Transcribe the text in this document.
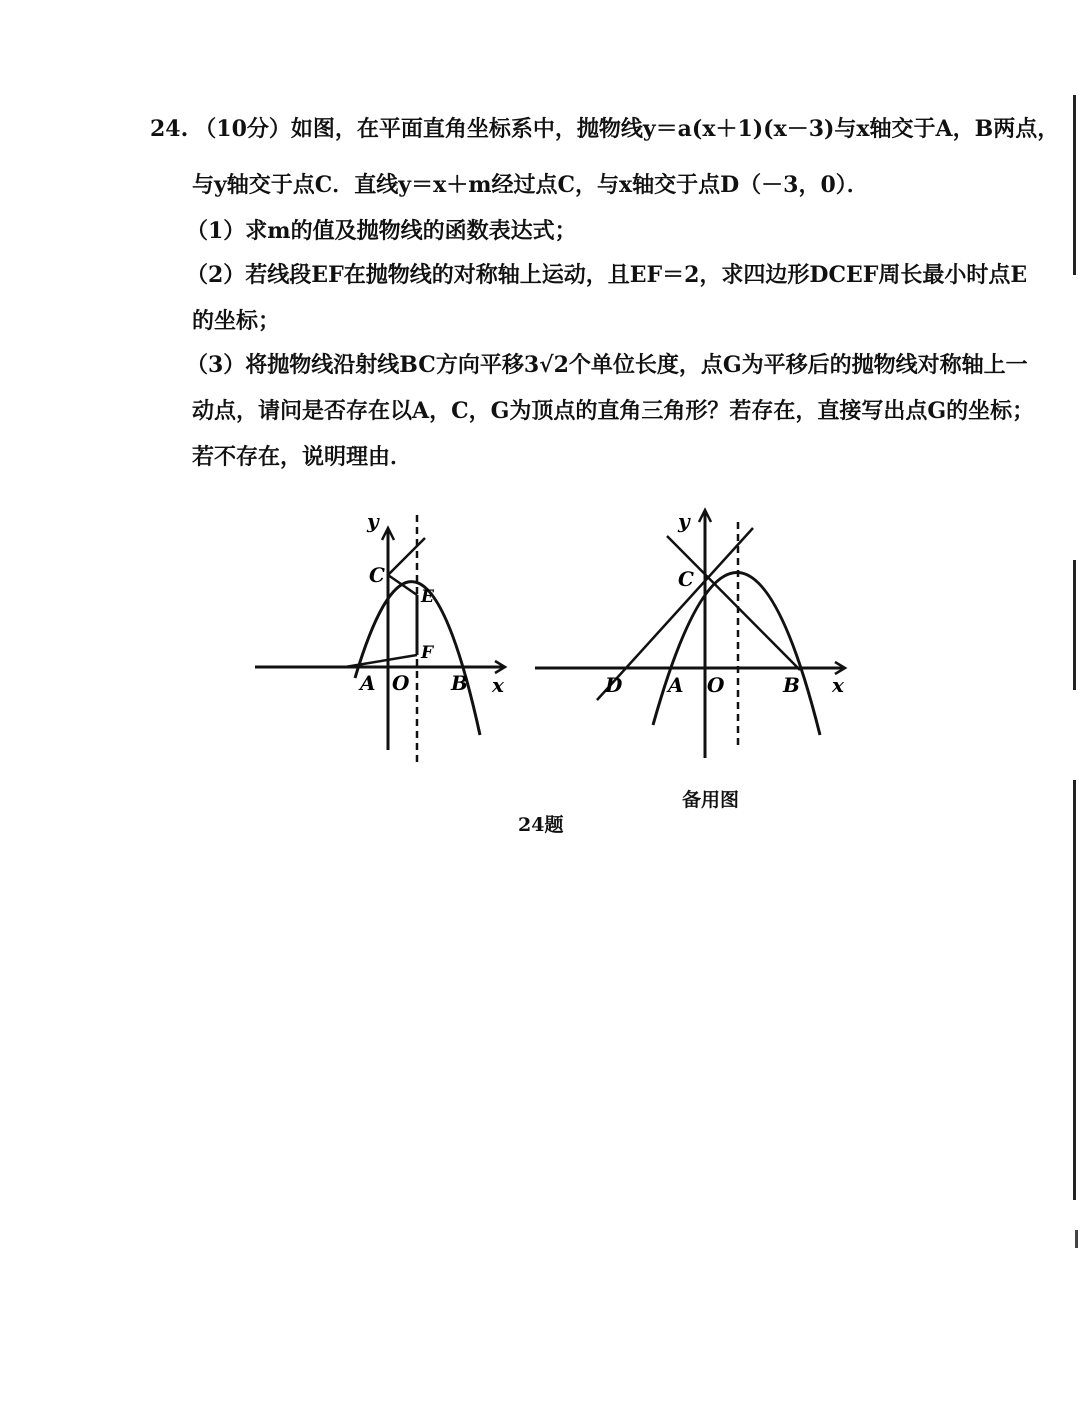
24. （10分）如图，在平面直角坐标系中，抛物线y＝a(x＋1)(x－3)与x轴交于A，B两点，
与y轴交于点C．直线y＝x＋m经过点C，与x轴交于点D（－3，0）．
（1）求m的值及抛物线的函数表达式；
（2）若线段EF在抛物线的对称轴上运动，且EF＝2，求四边形DCEF周长最小时点E
的坐标；
（3）将抛物线沿射线BC方向平移3√2个单位长度，点G为平移后的抛物线对称轴上一
动点，请问是否存在以A，C，G为顶点的直角三角形？若存在，直接写出点G的坐标；
若不存在，说明理由．
y
x
C
A O B
F
E
24题
y
x
C
D A O	B
备用图
